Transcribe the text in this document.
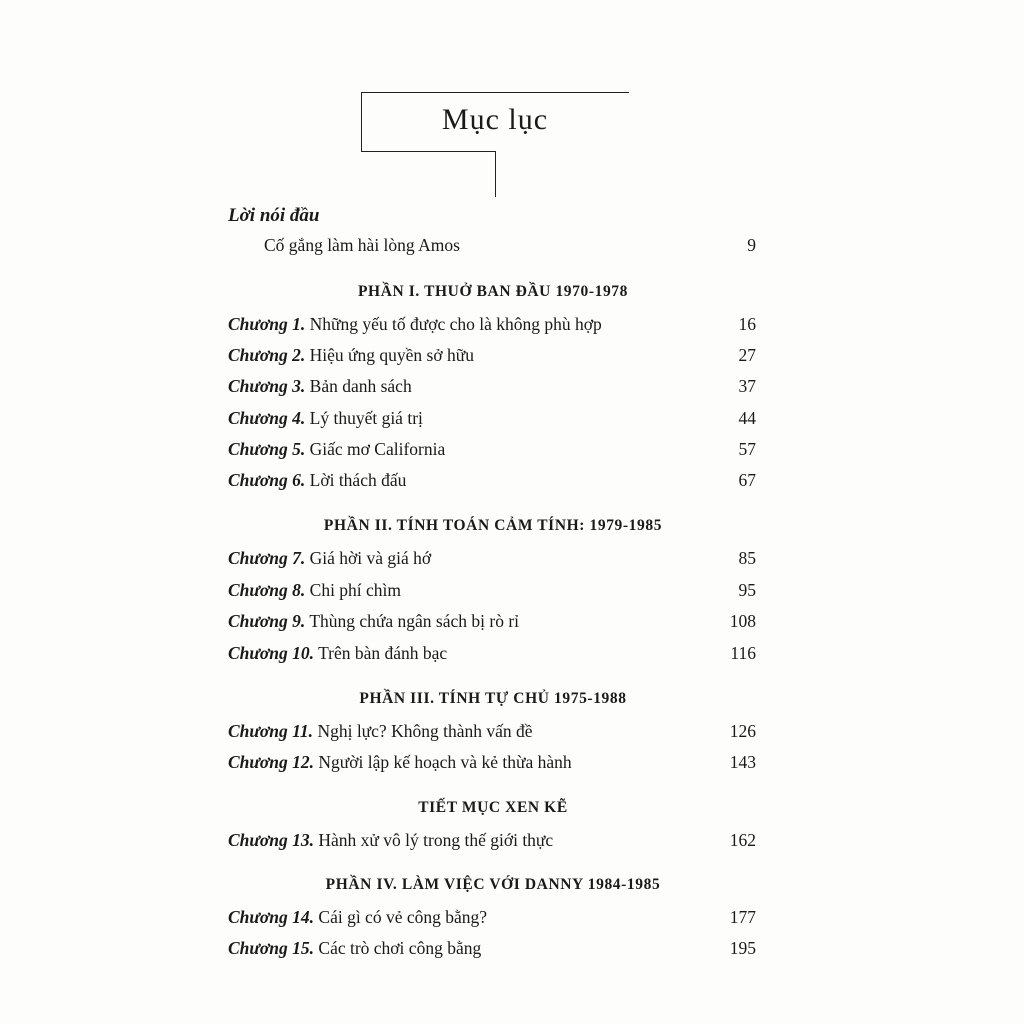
Mục lục
Lời nói đầu
Cố gắng làm hài lòng Amos	9
PHẦN I. THUỞ BAN ĐẦU 1970-1978
Chương 1. Những yếu tố được cho là không phù hợp	16
Chương 2. Hiệu ứng quyền sở hữu	27
Chương 3. Bản danh sách	37
Chương 4. Lý thuyết giá trị	44
Chương 5. Giấc mơ California	57
Chương 6. Lời thách đấu	67
PHẦN II. TÍNH TOÁN CẢM TÍNH: 1979-1985
Chương 7. Giá hời và giá hớ	85
Chương 8. Chi phí chìm	95
Chương 9. Thùng chứa ngân sách bị rò rỉ	108
Chương 10. Trên bàn đánh bạc	116
PHẦN III. TÍNH TỰ CHỦ 1975-1988
Chương 11. Nghị lực? Không thành vấn đề	126
Chương 12. Người lập kế hoạch và kẻ thừa hành	143
TIẾT MỤC XEN KẼ
Chương 13. Hành xử vô lý trong thế giới thực	162
PHẦN IV. LÀM VIỆC VỚI DANNY 1984-1985
Chương 14. Cái gì có vẻ công bằng?	177
Chương 15. Các trò chơi công bằng	195
